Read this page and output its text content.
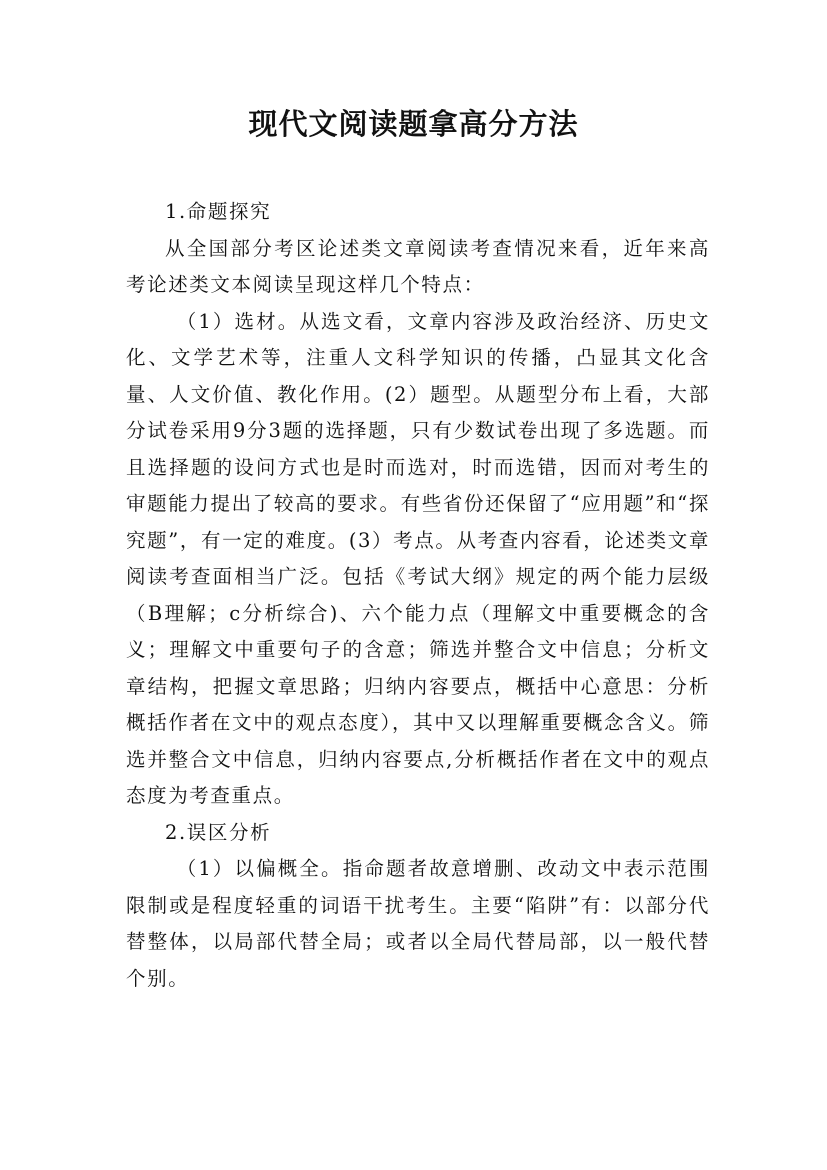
现代文阅读题拿高分方法

1.命题探究

从全国部分考区论述类文章阅读考查情况来看，近年来高考论述类文本阅读呈现这样几个特点：

（1）选材。从选文看，文章内容涉及政治经济、历史文化、文学艺术等，注重人文科学知识的传播，凸显其文化含量、人文价值、教化作用。(2）题型。从题型分布上看，大部分试卷采用9分3题的选择题，只有少数试卷出现了多选题。而且选择题的设问方式也是时而选对，时而选错，因而对考生的审题能力提出了较高的要求。有些省份还保留了“应用题”和“探究题”，有一定的难度。(3）考点。从考查内容看，论述类文章阅读考查面相当广泛。包括《考试大纲》规定的两个能力层级（B理解；c分析综合)、六个能力点（理解文中重要概念的含义；理解文中重要句子的含意；筛选并整合文中信息；分析文章结构，把握文章思路；归纳内容要点，概括中心意思：分析概括作者在文中的观点态度），其中又以理解重要概念含义。筛选并整合文中信息，归纳内容要点,分析概括作者在文中的观点态度为考查重点。

2.误区分析

（1）以偏概全。指命题者故意增删、改动文中表示范围限制或是程度轻重的词语干扰考生。主要“陷阱”有：以部分代替整体，以局部代替全局；或者以全局代替局部，以一般代替个别。
